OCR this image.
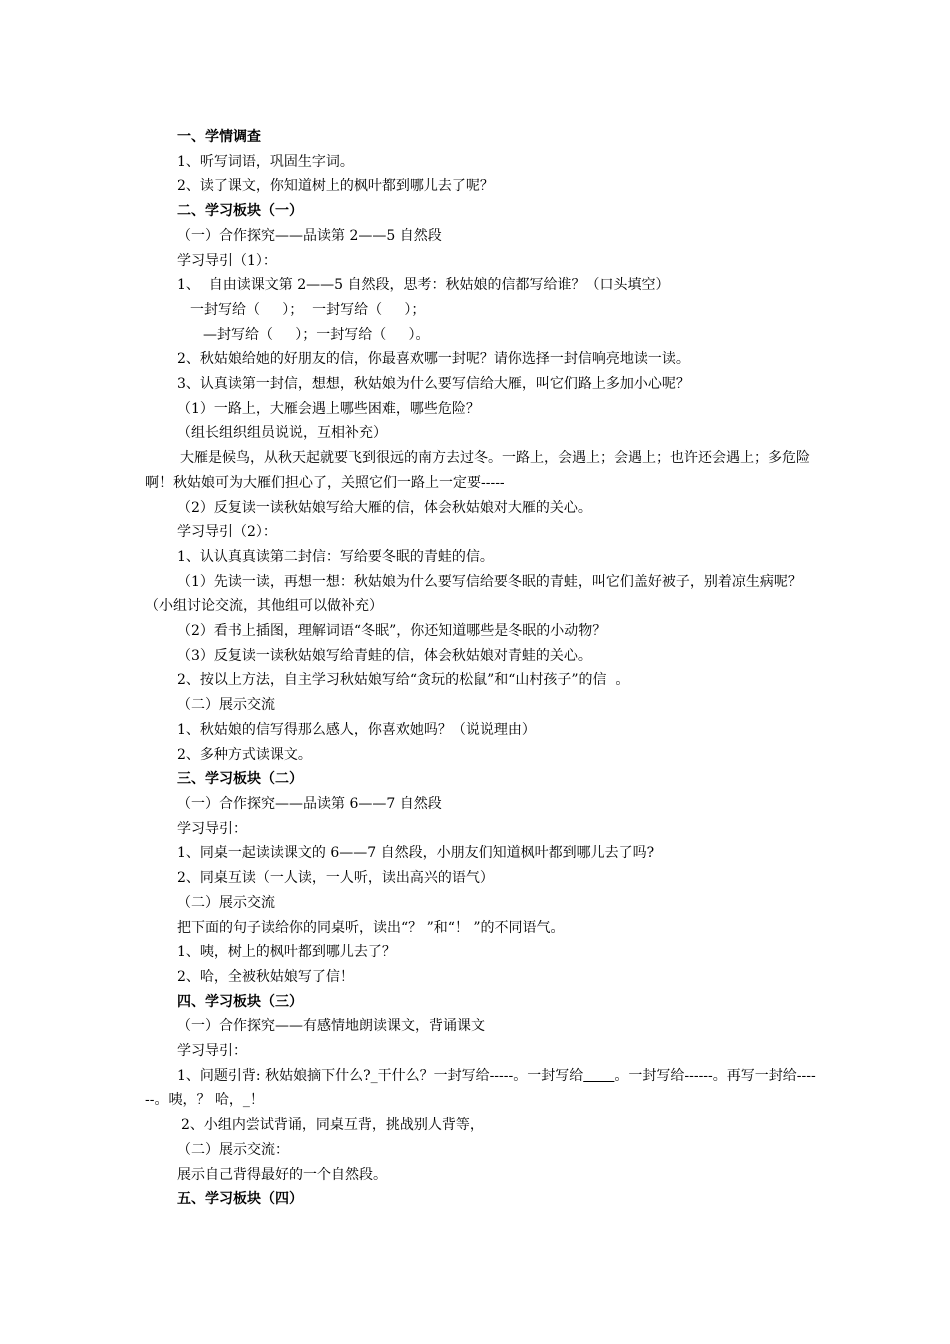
一、学情调查
1、听写词语，巩固生字词。
2、读了课文，你知道树上的枫叶都到哪儿去了呢？
二、学习板块（一）
（一）合作探究——品读第 2——5 自然段
学习导引（1）：
1、  自由读课文第 2——5 自然段，思考：秋姑娘的信都写给谁？（口头填空）
一封写给（     ）；  一封写给（     ）；
—封写给（     ）；一封写给（     ）。
2、秋姑娘给她的好朋友的信，你最喜欢哪一封呢？请你选择一封信响亮地读一读。
3、认真读第一封信，想想，秋姑娘为什么要写信给大雁，叫它们路上多加小心呢？
（1）一路上，大雁会遇上哪些困难，哪些危险？
（组长组织组员说说，互相补充）
大雁是候鸟，从秋天起就要飞到很远的南方去过冬。一路上，会遇上；会遇上；也许还会遇上；多危险啊！秋姑娘可为大雁们担心了，关照它们一路上一定要-----
（2）反复读一读秋姑娘写给大雁的信，体会秋姑娘对大雁的关心。
学习导引（2）：
1、认认真真读第二封信：写给要冬眠的青蛙的信。
（1）先读一读，再想一想：秋姑娘为什么要写信给要冬眠的青蛙，叫它们盖好被子，别着凉生病呢？（小组讨论交流，其他组可以做补充）
（2）看书上插图，理解词语“冬眠”，你还知道哪些是冬眠的小动物？
（3）反复读一读秋姑娘写给青蛙的信，体会秋姑娘对青蛙的关心。
2、按以上方法，自主学习秋姑娘写给“贪玩的松鼠”和“山村孩子”的信  。
（二）展示交流
1、秋姑娘的信写得那么感人，你喜欢她吗？（说说理由）
2、多种方式读课文。
三、学习板块（二）
（一）合作探究——品读第 6——7 自然段
学习导引：
1、同桌一起读读课文的 6——7 自然段，小朋友们知道枫叶都到哪儿去了吗?
2、同桌互读（一人读，一人听，读出高兴的语气）
（二）展示交流
把下面的句子读给你的同桌听，读出“？ ”和“！ ”的不同语气。
1、咦，树上的枫叶都到哪儿去了？
2、哈，全被秋姑娘写了信！
四、学习板块（三）
（一）合作探究——有感情地朗读课文，背诵课文
学习导引：
1、问题引背: 秋姑娘摘下什么?_干什么？一封写给-----。一封写给 。一封写给------。再写一封给------。咦，？ 哈，_！
2、小组内尝试背诵，同桌互背，挑战别人背等，
（二）展示交流：
展示自己背得最好的一个自然段。
五、学习板块（四）
